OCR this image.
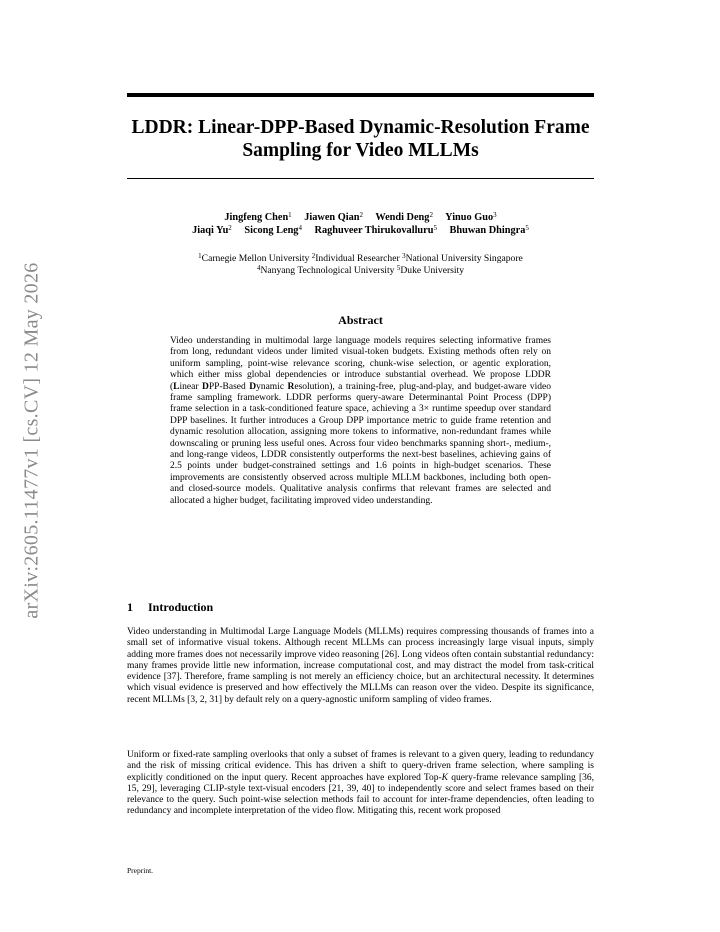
arXiv:2605.11477v1 [cs.CV] 12 May 2026
LDDR: Linear-DPP-Based Dynamic-Resolution Frame Sampling for Video MLLMs
Jingfeng Chen$^1$ Jiawen Qian$^2$ Wendi Deng$^2$ Yinuo Guo$^3$
Jiaqi Yu$^2$ Sicong Leng$^4$ Raghuveer Thirukovalluru$^5$ Bhuwan Dhingra$^5$
$^1$Carnegie Mellon University $^2$Individual Researcher $^3$National University Singapore
$^4$Nanyang Technological University $^5$Duke University
Abstract
Video understanding in multimodal large language models requires selecting informative frames from long, redundant videos under limited visual-token budgets. Existing methods often rely on uniform sampling, point-wise relevance scoring, chunk-wise selection, or agentic exploration, which either miss global dependencies or introduce substantial overhead. We propose LDDR (Linear DPP-Based Dynamic Resolution), a training-free, plug-and-play, and budget-aware video frame sampling framework. LDDR performs query-aware Determinantal Point Process (DPP) frame selection in a task-conditioned feature space, achieving a 3× runtime speedup over standard DPP baselines. It further introduces a Group DPP importance metric to guide frame retention and dynamic resolution allocation, assigning more tokens to informative, non-redundant frames while downscaling or pruning less useful ones. Across four video benchmarks spanning short-, medium-, and long-range videos, LDDR consistently outperforms the next-best baselines, achieving gains of 2.5 points under budget-constrained settings and 1.6 points in high-budget scenarios. These improvements are consistently observed across multiple MLLM backbones, including both open- and closed-source models. Qualitative analysis confirms that relevant frames are selected and allocated a higher budget, facilitating improved video understanding.
1 Introduction
Video understanding in Multimodal Large Language Models (MLLMs) requires compressing thousands of frames into a small set of informative visual tokens. Although recent MLLMs can process increasingly large visual inputs, simply adding more frames does not necessarily improve video reasoning [26]. Long videos often contain substantial redundancy: many frames provide little new information, increase computational cost, and may distract the model from task-critical evidence [37]. Therefore, frame sampling is not merely an efficiency choice, but an architectural necessity. It determines which visual evidence is preserved and how effectively the MLLMs can reason over the video. Despite its significance, recent MLLMs [3, 2, 31] by default rely on a query-agnostic uniform sampling of video frames.
Uniform or fixed-rate sampling overlooks that only a subset of frames is relevant to a given query, leading to redundancy and the risk of missing critical evidence. This has driven a shift to query-driven frame selection, where sampling is explicitly conditioned on the input query. Recent approaches have explored Top-K query-frame relevance sampling [36, 15, 29], leveraging CLIP-style text-visual encoders [21, 39, 40] to independently score and select frames based on their relevance to the query. Such point-wise selection methods fail to account for inter-frame dependencies, often leading to redundancy and incomplete interpretation of the video flow. Mitigating this, recent work proposed
Preprint.
